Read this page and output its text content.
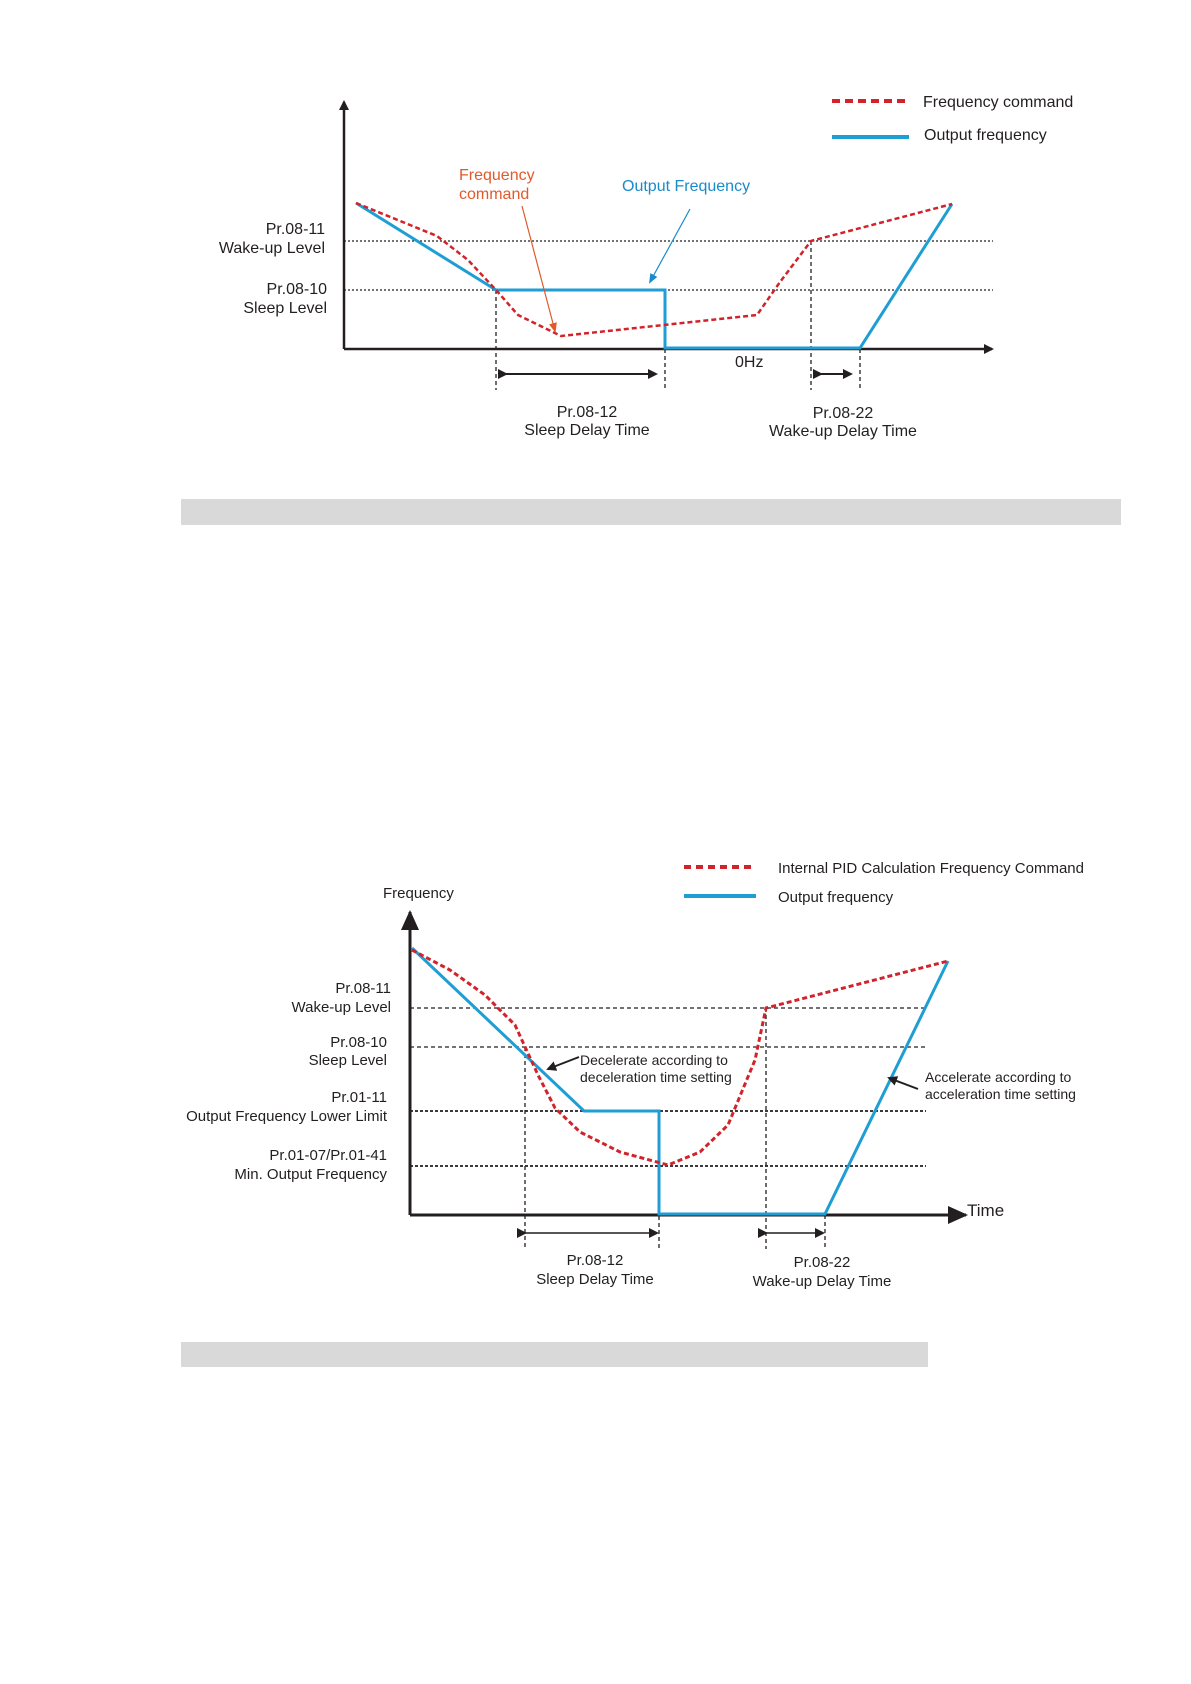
Frequency command
Output frequency
Pr.08-11
Wake-up Level
Pr.08-10
Sleep Level
Frequency
command	Output Frequency
0Hz
Pr.08-12
Sleep Delay Time
Pr.08-22
Wake-up Delay Time
Internal PID Calculation Frequency Command
Output frequency
Frequency
Time
Pr.08-11
Wake-up Level
Pr.08-10
Sleep Level
Pr.01-11
Output Frequency Lower Limit
Pr.01-07/Pr.01-41
Min. Output Frequency
Decelerate according to
deceleration time setting	Accelerate according to
acceleration time setting
Pr.08-12
Sleep Delay Time
Pr.08-22
Wake-up Delay Time
